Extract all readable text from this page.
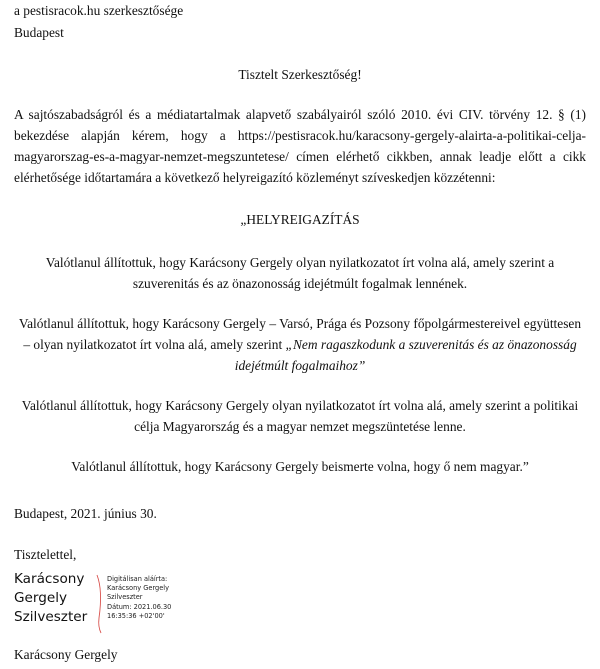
a pestisracok.hu szerkesztősége
Budapest
Tisztelt Szerkesztőség!
A sajtószabadságról és a médiatartalmak alapvető szabályairól szóló 2010. évi CIV. törvény 12. § (1) bekezdése alapján kérem, hogy a https://pestisracok.hu/karacsony-gergely-alairta-a-politikai-celja-magyarorszag-es-a-magyar-nemzet-megszuntetese/ címen elérhető cikkben, annak leadje előtt a cikk elérhetősége időtartamára a következő helyreigazító közleményt szíveskedjen közzétenni:
„HELYREIGAZÍTÁS
Valótlanul állítottuk, hogy Karácsony Gergely olyan nyilatkozatot írt volna alá, amely szerint a szuverenitás és az önazonosság idejétmúlt fogalmak lennének.
Valótlanul állítottuk, hogy Karácsony Gergely – Varsó, Prága és Pozsony főpolgármestereivel együttesen – olyan nyilatkozatot írt volna alá, amely szerint „Nem ragaszkodunk a szuverenitás és az önazonosság idejétmúlt fogalmaihoz”
Valótlanul állítottuk, hogy Karácsony Gergely olyan nyilatkozatot írt volna alá, amely szerint a politikai célja Magyarország és a magyar nemzet megszüntetése lenne.
Valótlanul állítottuk, hogy Karácsony Gergely beismerte volna, hogy ő nem magyar.”
Budapest, 2021. június 30.
Tisztelettel,
Karácsony
Gergely
Szilveszter
Digitálisan aláírta:
Karácsony Gergely
Szilveszter
Dátum: 2021.06.30
16:35:36 +02'00'
Karácsony Gergely
